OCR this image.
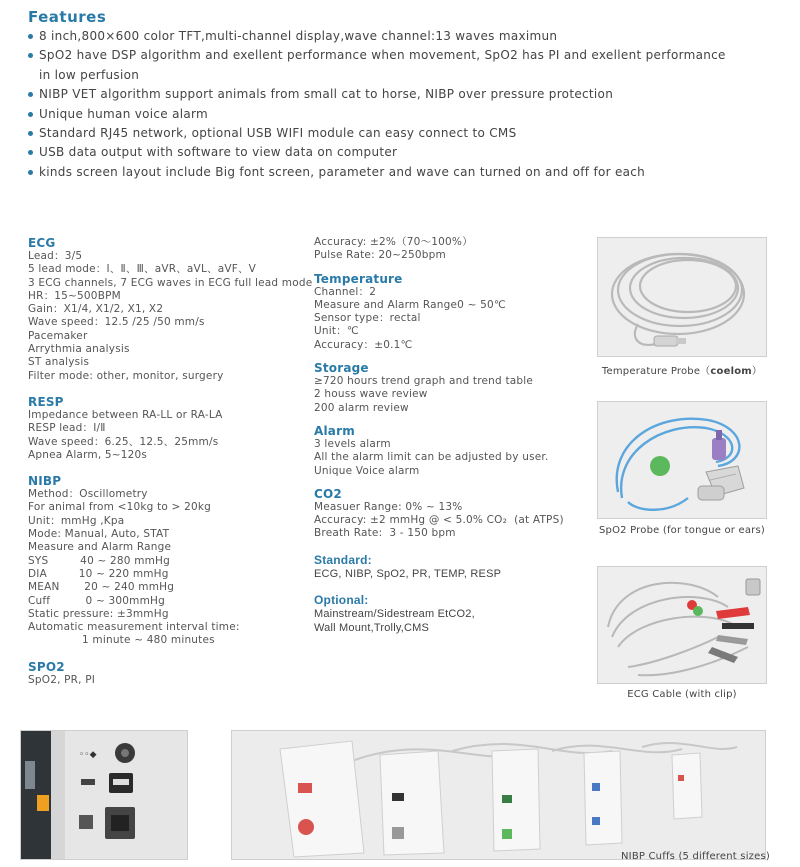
Features
8 inch,800×600 color TFT,multi-channel display,wave channel:13 waves maximun
SpO2 have DSP algorithm and exellent performance when movement, SpO2 has PI and exellent performance in low perfusion
NIBP VET algorithm support animals from small cat to horse, NIBP over pressure protection
Unique human voice alarm
Standard RJ45 network, optional USB WIFI module can easy connect to CMS
USB data output with software to view data on computer
kinds screen layout include Big font screen, parameter and wave can turned on and off for each
ECG
Lead：3/5
5 lead mode：Ⅰ、Ⅱ、Ⅲ、aVR、aVL、aVF、V
3 ECG channels, 7 ECG waves in ECG full lead mode
HR：15~500BPM
Gain：X1/4, X1/2, X1, X2
Wave speed：12.5 /25 /50 mm/s
Pacemaker
Arrythmia analysis
ST analysis
Filter mode: other, monitor, surgery
RESP
Impedance between RA-LL or RA-LA
RESP lead：Ⅰ/Ⅱ
Wave speed：6.25、12.5、25mm/s
Apnea Alarm, 5~120s
NIBP
Method：Oscillometry
For animal from <10kg to > 20kg
Unit：mmHg ,Kpa
Mode: Manual, Auto, STAT
Measure and Alarm Range
SYS         40 ~ 280 mmHg
DIA         10 ~ 220 mmHg
MEAN       20 ~ 240 mmHg
Cuff          0 ~ 300mmHg
Static pressure: ±3mmHg
Automatic measurement interval time:
1 minute ~ 480 minutes
SPO2
SpO2, PR, PI
Accuracy: ±2%（70～100%）
Pulse Rate: 20~250bpm
Temperature
Channel：2
Measure and Alarm Range0 ~ 50℃
Sensor type：rectal
Unit：℃
Accuracy：±0.1℃
Storage
≥720 hours trend graph and trend table
2 houss wave review
200 alarm review
Alarm
3 levels alarm
All the alarm limit can be adjusted by user.
Unique Voice alarm
CO2
Measuer Range: 0% ~ 13%
Accuracy: ±2 mmHg @ < 5.0% CO₂  (at ATPS)
Breath Rate:  3 - 150 bpm
Standard:
ECG, NIBP, SpO2, PR, TEMP, RESP
Optional:
Mainstream/Sidestream EtCO2,
Wall Mount,Trolly,CMS
Temperature Probe（coelom）
SpO2 Probe (for tongue or ears)
ECG Cable (with clip)
◦◦◆
NIBP Cuffs (5 different sizes)
